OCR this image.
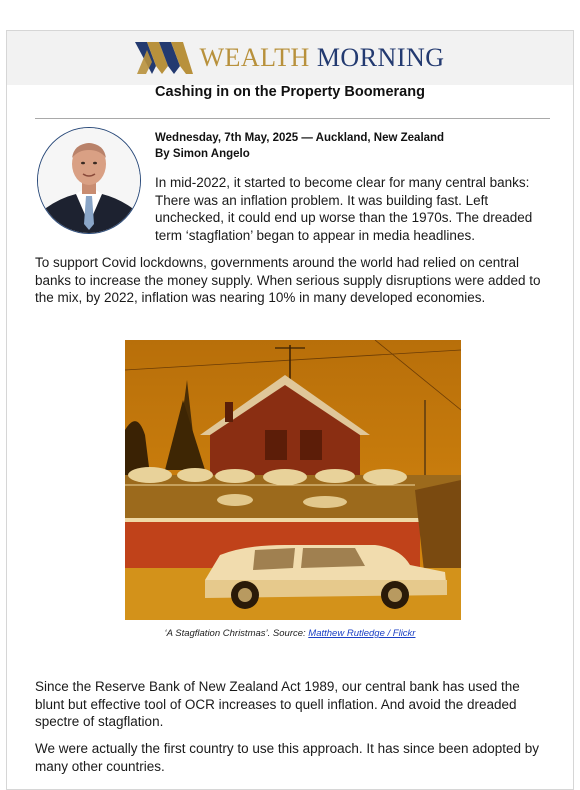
WEALTH MORNING
Cashing in on the Property Boomerang
Wednesday, 7th May, 2025 — Auckland, New Zealand
By Simon Angelo

In mid-2022, it started to become clear for many central banks: There was an inflation problem. It was building fast. Left unchecked, it could end up worse than the 1970s. The dreaded term ‘stagflation’ began to appear in media headlines.

To support Covid lockdowns, governments around the world had relied on central banks to increase the money supply. When serious supply disruptions were added to the mix, by 2022, inflation was nearing 10% in many developed economies.

‘A Stagflation Christmas’. Source: Matthew Rutledge / Flickr

Since the Reserve Bank of New Zealand Act 1989, our central bank has used the blunt but effective tool of OCR increases to quell inflation. And avoid the dreaded spectre of stagflation.

We were actually the first country to use this approach. It has since been adopted by many other countries.
